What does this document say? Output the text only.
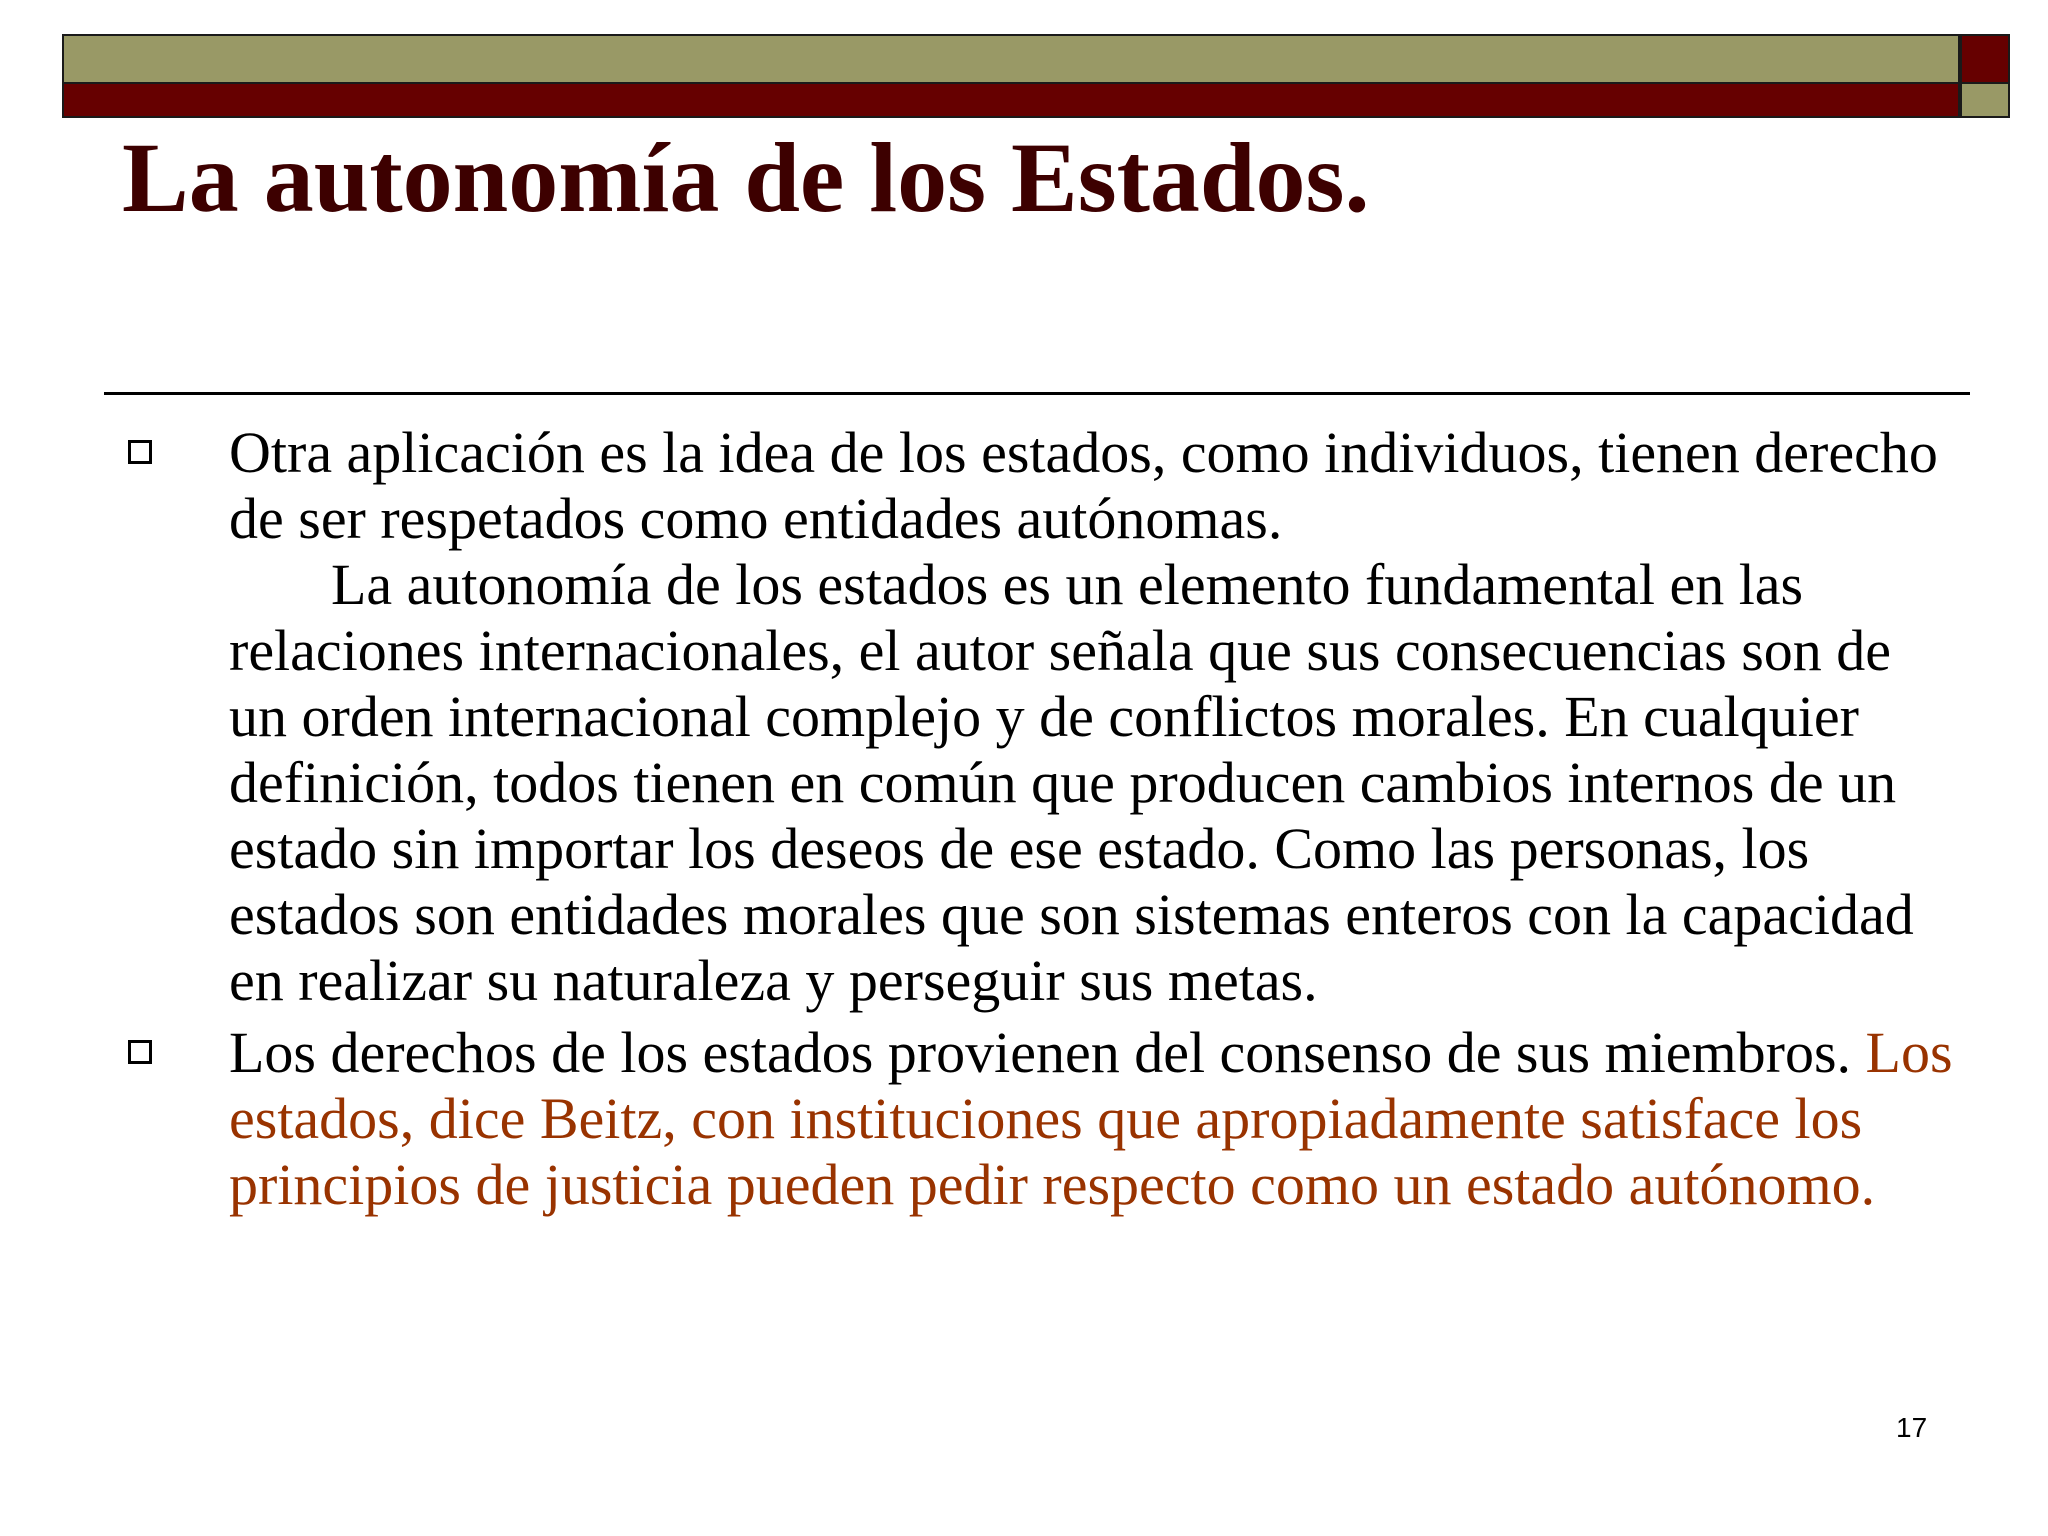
La autonomía de los Estados.
Otra aplicación es la idea de los estados, como individuos, tienen derecho de ser respetados como entidades autónomas.
La autonomía de los estados es un elemento fundamental en las relaciones internacionales, el autor señala que sus consecuencias son de un orden internacional complejo y de conflictos morales. En cualquier definición, todos tienen en común que producen cambios internos de un estado sin importar los deseos de ese estado. Como las personas, los estados son entidades morales que son sistemas enteros con la capacidad en realizar su naturaleza y perseguir sus metas.
Los derechos de los estados provienen del consenso de sus miembros. Los estados, dice Beitz, con instituciones que apropiadamente satisface los principios de justicia pueden pedir respecto como un estado autónomo.
17
